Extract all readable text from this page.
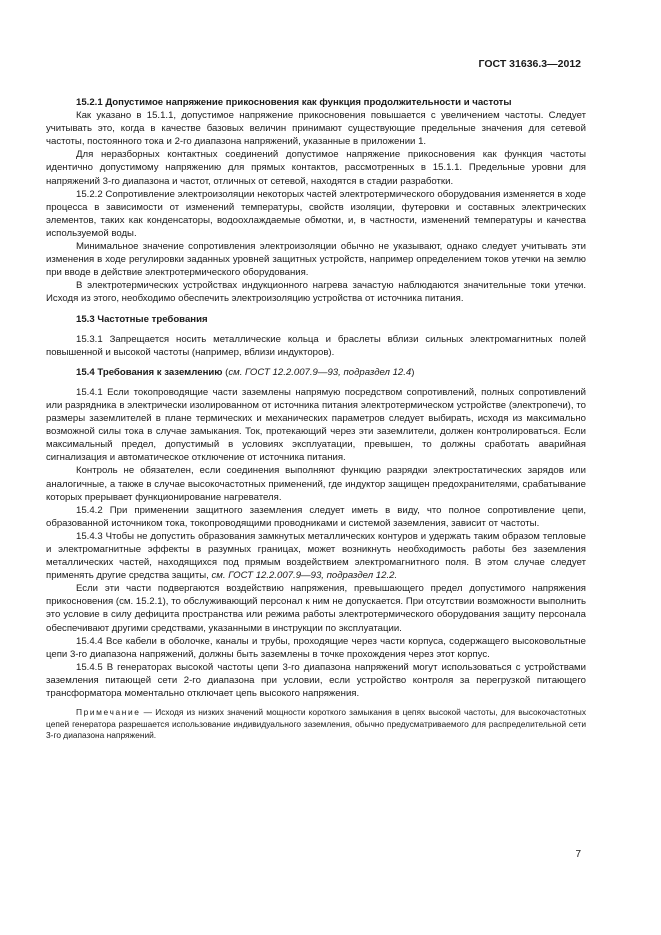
ГОСТ 31636.3—2012

15.2.1 Допустимое напряжение прикосновения как функция продолжительности и частоты

Как указано в 15.1.1, допустимое напряжение прикосновения повышается с увеличением частоты. Следует учитывать это, когда в качестве базовых величин принимают существующие предельные значения для сетевой частоты, постоянного тока и 2-го диапазона напряжений, указанные в приложении 1.

Для неразборных контактных соединений допустимое напряжение прикосновения как функция частоты идентично допустимому напряжению для прямых контактов, рассмотренных в 15.1.1. Предельные уровни для напряжений 3-го диапазона и частот, отличных от сетевой, находятся в стадии разработки.

15.2.2 Сопротивление электроизоляции некоторых частей электротермического оборудования изменяется в ходе процесса в зависимости от изменений температуры, свойств изоляции, футеровки и составных электрических элементов, таких как конденсаторы, водоохлаждаемые обмотки, и, в частности, изменений температуры и качества используемой воды.

Минимальное значение сопротивления электроизоляции обычно не указывают, однако следует учитывать эти изменения в ходе регулировки заданных уровней защитных устройств, например определением токов утечки на землю при вводе в действие электротермического оборудования.

В электротермических устройствах индукционного нагрева зачастую наблюдаются значительные токи утечки. Исходя из этого, необходимо обеспечить электроизоляцию устройства от источника питания.

15.3 Частотные требования

15.3.1 Запрещается носить металлические кольца и браслеты вблизи сильных электромагнитных полей повышенной и высокой частоты (например, вблизи индукторов).

15.4 Требования к заземлению (см. ГОСТ 12.2.007.9—93, подраздел 12.4)

15.4.1 Если токопроводящие части заземлены напрямую посредством сопротивлений, полных сопротивлений или разрядника в электрически изолированном от источника питания электротермическом устройстве (электропечи), то размеры заземлителей в плане термических и механических параметров следует выбирать, исходя из максимально возможной силы тока в случае замыкания. Ток, протекающий через эти заземлители, должен контролироваться. Если максимальный предел, допустимый в условиях эксплуатации, превышен, то должны сработать аварийная сигнализация и автоматическое отключение от источника питания.

Контроль не обязателен, если соединения выполняют функцию разрядки электростатических зарядов или аналогичные, а также в случае высокочастотных применений, где индуктор защищен предохранителями, срабатывание которых прерывает функционирование нагревателя.

15.4.2 При применении защитного заземления следует иметь в виду, что полное сопротивление цепи, образованной источником тока, токопроводящими проводниками и системой заземления, зависит от частоты.

15.4.3 Чтобы не допустить образования замкнутых металлических контуров и удержать таким образом тепловые и электромагнитные эффекты в разумных границах, может возникнуть необходимость работы без заземления металлических частей, находящихся под прямым воздействием электромагнитного поля. В этом случае следует применять другие средства защиты, см. ГОСТ 12.2.007.9—93, подраздел 12.2.

Если эти части подвергаются воздействию напряжения, превышающего предел допустимого напряжения прикосновения (см. 15.2.1), то обслуживающий персонал к ним не допускается. При отсутствии возможности выполнить это условие в силу дефицита пространства или режима работы электротермического оборудования защиту персонала обеспечивают другими средствами, указанными в инструкции по эксплуатации.

15.4.4 Все кабели в оболочке, каналы и трубы, проходящие через части корпуса, содержащего высоковольтные цепи 3-го диапазона напряжений, должны быть заземлены в точке прохождения через этот корпус.

15.4.5 В генераторах высокой частоты цепи 3-го диапазона напряжений могут использоваться с устройствами заземления питающей сети 2-го диапазона при условии, если устройство контроля за перегрузкой питающего трансформатора моментально отключает цепь высокого напряжения.

Примечание — Исходя из низких значений мощности короткого замыкания в цепях высокой частоты, для высокочастотных цепей генератора разрешается использование индивидуального заземления, обычно предусматриваемого для распределительной сети 3-го диапазона напряжений.

7
